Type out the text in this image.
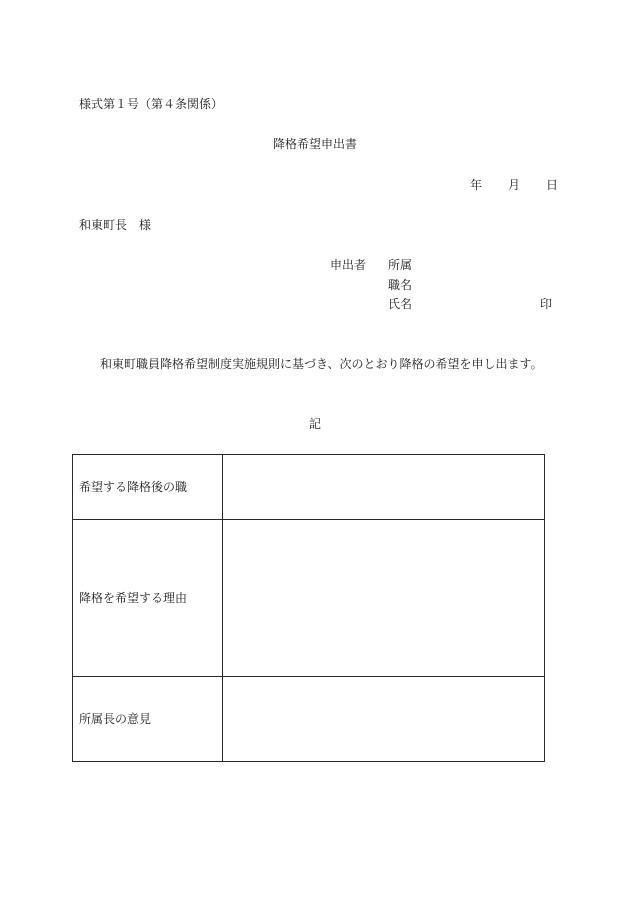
様式第１号（第４条関係）
降格希望申出書
年 月 日
和東町長　様
申出者 所属
職名
氏名	印
和東町職員降格希望制度実施規則に基づき、次のとおり降格の希望を申し出ます。
記
希望する降格後の職	
降格を希望する理由	
所属長の意見	
